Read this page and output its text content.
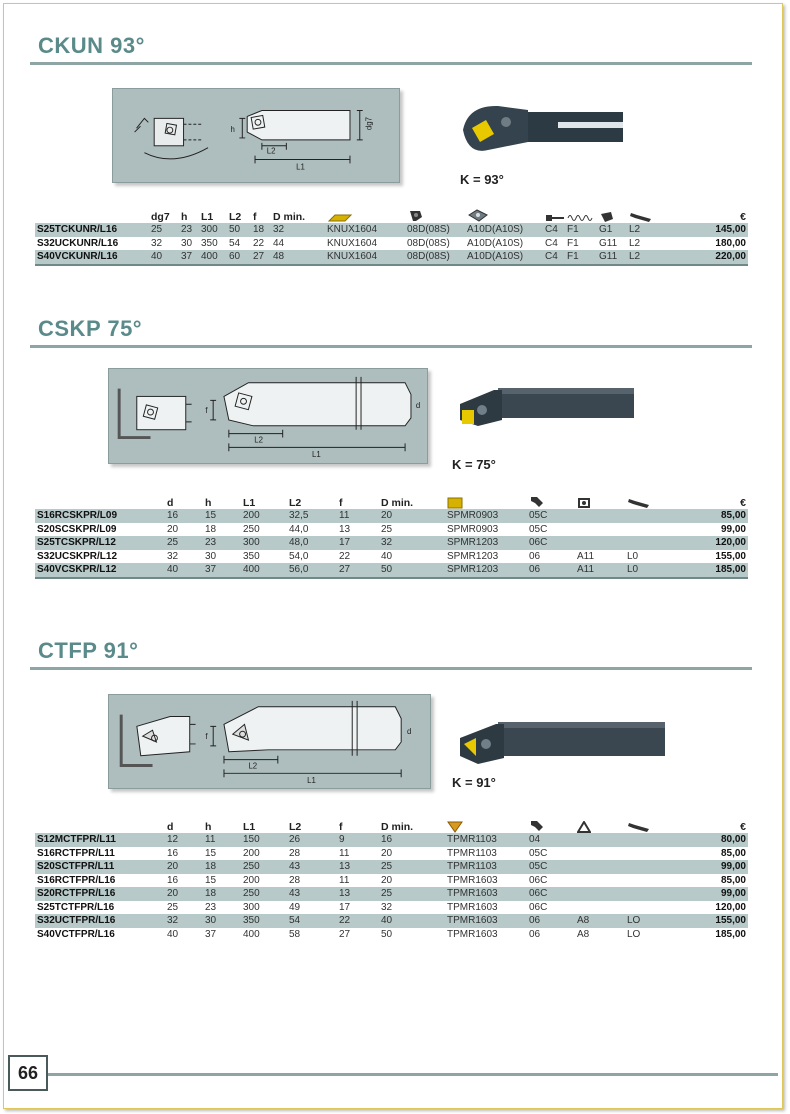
CKUN 93°
L2
L1
dg7
h
K = 93°
	dg7	h	L1	L2	f	D min.								€
S25TCKUNR/L16	25	23	300	50	18	32	KNUX1604	08D(08S)	A10D(A10S)	C4	F1	G1	L2	145,00
S32UCKUNR/L16	32	30	350	54	22	44	KNUX1604	08D(08S)	A10D(A10S)	C4	F1	G11	L2	180,00
S40VCKUNR/L16	40	37	400	60	27	48	KNUX1604	08D(08S)	A10D(A10S)	C4	F1	G11	L2	220,00
CSKP 75°
L2
L1
d
f
K = 75°
	d	h	L1	L2	f	D min.					€
S16RCSKPR/L09	16	15	200	32,5	11	20	SPMR0903	05C			85,00
S20SCSKPR/L09	20	18	250	44,0	13	25	SPMR0903	05C			99,00
S25TCSKPR/L12	25	23	300	48,0	17	32	SPMR1203	06C			120,00
S32UCSKPR/L12	32	30	350	54,0	22	40	SPMR1203	06	A11	L0	155,00
S40VCSKPR/L12	40	37	400	56,0	27	50	SPMR1203	06	A11	L0	185,00
CTFP 91°
L2
L1
d
f
K = 91°
	d	h	L1	L2	f	D min.					€
S12MCTFPR/L11	12	11	150	26	9	16	TPMR1103	04			80,00
S16RCTFPR/L11	16	15	200	28	11	20	TPMR1103	05C			85,00
S20SCTFPR/L11	20	18	250	43	13	25	TPMR1103	05C			99,00
S16RCTFPR/L16	16	15	200	28	11	20	TPMR1603	06C			85,00
S20RCTFPR/L16	20	18	250	43	13	25	TPMR1603	06C			99,00
S25TCTFPR/L16	25	23	300	49	17	32	TPMR1603	06C			120,00
S32UCTFPR/L16	32	30	350	54	22	40	TPMR1603	06	A8	LO	155,00
S40VCTFPR/L16	40	37	400	58	27	50	TPMR1603	06	A8	LO	185,00
66
